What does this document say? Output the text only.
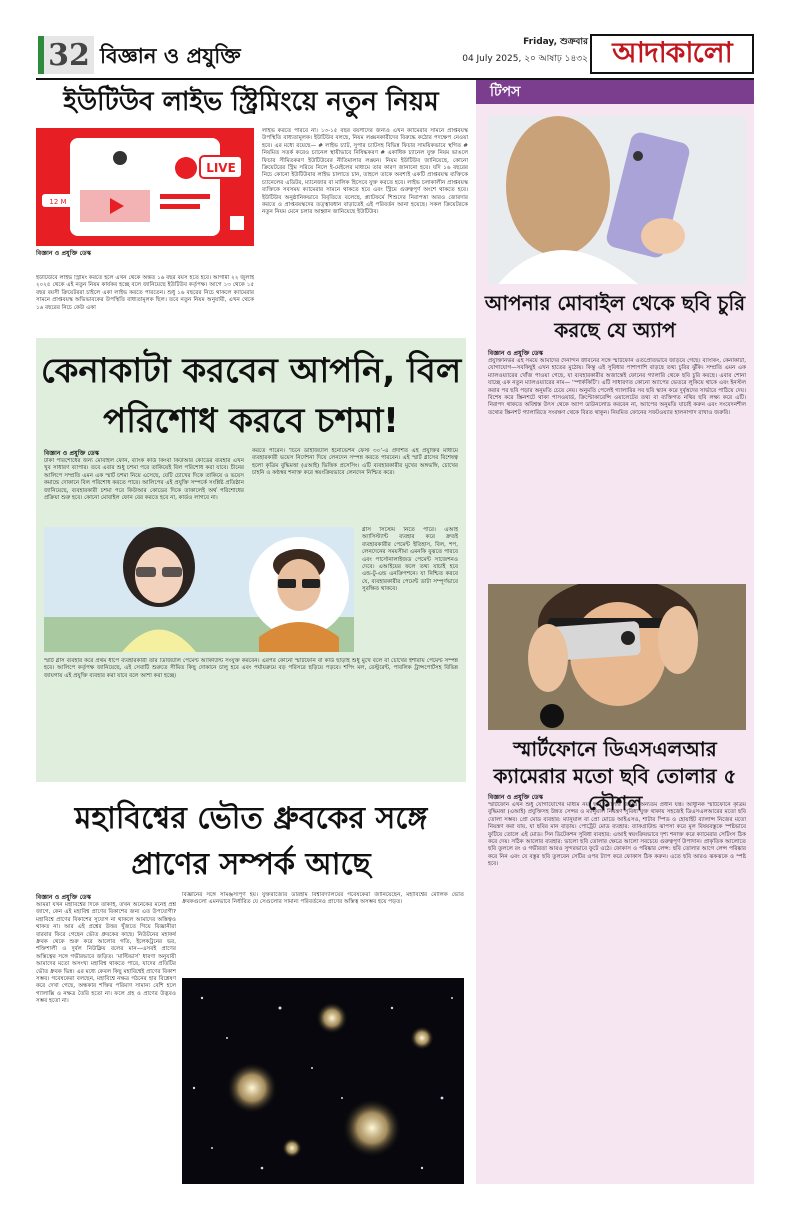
32 বিজ্ঞান ও প্রযুক্তি
Friday, শুক্রবার
04 July 2025, ২০ আষাঢ় ১৪৩২ আদাকালো
ইউটিউব লাইভ স্ট্রিমিংয়ে নতুন নিয়ম
LIVE
12 M
বিজ্ঞান ও প্রযুক্তি ডেস্ক
ইউটিউবে লাইভ স্ট্রিমিং করতে হলে এখন থেকে অন্তত ১৬ বছর বয়স হতে হবে। আগামী ২২ জুলাই ২০২৫ থেকে এই নতুন নিয়ম কার্যকর হচ্ছে বলে জানিয়েছে ইউটিউব কর্তৃপক্ষ। আগে ১৩ থেকে ১৫ বছর বয়সী ক্রিয়েটররা চাইলে একা লাইভ করতে পারতেন। শুধু ১৬ বছরের নিচে থাকলে ক্যামেরার সামনে প্রাপ্তবয়স্ক অভিভাবকের উপস্থিতি বাধ্যতামূলক ছিল। তবে নতুন নিয়ম অনুযায়ী, এখন থেকে ১৬ বছরের নিচে কেউ একা
লাইভ করতে পারবে না। ১৩-১৫ বছর বয়সীদের জন্যও এখন ক্যামেরার সামনে প্রাপ্তবয়স্ক উপস্থিতি বাধ্যতামূলক। ইউটিউব বলছে, নিয়ম লঙ্ঘনকারীদের বিরুদ্ধে কঠোর পদক্ষেপ নেওয়া হবে। এর মধ্যে রয়েছে— # লাইভ চ্যাট, সুপার চ্যাটসহ বিভিন্ন ফিচার সাময়িকভাবে স্থগিত # নিয়মিত সতর্ক করেও চ্যানেল স্থায়ীভাবে নিষিদ্ধকরণ # একাধিক চ্যানেল যুক্ত নিয়ম ভাঙলে ফিচার সীমিতকরণ ইউটিউবের নীতিমালার লঙ্ঘন। নিয়ম ইউটিউব জানিয়েছে, কোনো ক্রিয়েটরের স্ট্রিম সরিয়ে নিলে ই-মেইলের মাধ্যমে তার কারণ জানানো হবে। যদি ১৬ বছরের নিচে কোনো ইউটিউবার লাইভ চালাতে চান, তাহলে তাকে অবশ্যই একটি প্রাপ্তবয়স্ক ব্যক্তিকে চ্যানেলের এডিটর, ম্যানেজার বা মালিক হিসেবে যুক্ত করতে হবে। লাইভ চলাকালীন প্রাপ্তবয়স্ক ব্যক্তিকে সবসময় ক্যামেরার সামনে থাকতে হবে এবং স্ট্রিমে গুরুত্বপূর্ণ অংশে থাকতে হবে। ইউটিউব অনুষ্ঠানিকভাবে বিবৃতিতে বলেছে, প্ল্যাটফর্মে শিশুদের নিরাপত্তা আরও জোরদার করতে ও প্রাপ্তবয়স্কদের তত্ত্বাবধান বাড়াতেই এই পরিবর্তন আনা হয়েছে। সকল ক্রিয়েটরকে নতুন নিয়ম মেনে চলার আহ্বান জানিয়েছে ইউটিউব।
কেনাকাটা করবেন আপনি, বিল পরিশোধ করবে চশমা!
বিজ্ঞান ও প্রযুক্তি ডেস্ক
টাকা পরিশোধের জন্য মোবাইল ফোন, ব্যাংক কার্ড কিংবা কিউআর কোডের ব্যবহার এখন খুব সাধারণ ব্যাপার। তবে এবার শুধু চশমা পরে তাকিয়েই বিল পরিশোধ করা যাবে। চীনের আলিপে সম্প্রতি এমন এক স্মার্ট চশমা নিয়ে এসেছে, যেটি চোখের দিকে তাকিয়ে ও ভয়েস কমান্ডে দোকানে বিল পরিশোধ করতে পারে। আলিপের এই প্রযুক্তি সম্পর্কে সংশ্লিষ্ট প্রতিষ্ঠান জানিয়েছে, ব্যবহারকারী চশমা পরে কিউআর কোডের দিকে তাকালেই অর্থ পরিশোধের প্রক্রিয়া শুরু হবে। কোনো মোবাইল ফোন বের করতে হবে না, কার্ডও লাগবে না।
করতে পারেন। ‘চিনে ডাইজিটাল ইনোভেশন ফেস্ট ৩০’-এ প্রদর্শিত এই প্রযুক্তির মাধ্যমে ব্যবহারকারী ভয়েস নির্দেশনা দিয়ে লেনদেন সম্পন্ন করতে পারবেন। এই স্মার্ট গ্লাসের বিশেষত্ব হলো কৃত্রিম বুদ্ধিমত্তা (এআই) ভিত্তিক প্রসেসিং। এটি ব্যবহারকারীর মুখের অঙ্গভঙ্গি, চোখের চাহনি ও কণ্ঠস্বর শনাক্ত করে স্বয়ংক্রিয়ভাবে লেনদেন নিশ্চিত করে।
গ্লাস সিস্টেম নিতে পারে। এআই অ্যাসিস্ট্যান্ট ব্যবহার করে দ্রুতই ব্যবহারকারীর পেমেন্ট ইতিহাস, বিল, শপ, লেনদেনের সময়সীমা এমনকি বুঝতে পারবে এবং পার্সোনালাইজড পেমেন্ট সাজেশনও দেবে। এআইয়ের ফলে তথ্য যাচাই হবে এন্ড-টু-এন্ড এনক্রিপশনে। যা নিশ্চিত করবে যে, ব্যবহারকারীর পেমেন্ট ডাটা সম্পূর্ণভাবে সুরক্ষিত থাকবে।
স্মার্ট গ্লাস ব্যবহার করে প্রথম ধাপে ব্যবহারকারী তার ডিজিটাল পেমেন্ট অ্যাকাউন্ট সংযুক্ত করবেন। এরপর কোনো স্মার্টফোন বা কার্ড ছাড়াই শুধু মুখে বলে বা চোখের ইশারায় পেমেন্ট সম্পন্ন হবে। আলিপে কর্তৃপক্ষ জানিয়েছে, এই সেবাটি শুরুতে সীমিত কিছু দোকানে চালু হবে এবং পর্যায়ক্রমে বড় পরিসরে ছড়িয়ে পড়বে। শপিং মল, রেস্টুরেন্ট, পাবলিক ট্রান্সপোর্টসহ বিভিন্ন জায়গায় এই প্রযুক্তি ব্যবহার করা যাবে বলে আশা করা হচ্ছে।
মহাবিশ্বের ভৌত ধ্রুবকের সঙ্গে প্রাণের সম্পর্ক আছে
বিজ্ঞান ও প্রযুক্তি ডেস্ক
আমরা যখন মহাবিশ্বের দিকে তাকাই, তখন অনেকের মনেই প্রশ্ন জাগে, কেন এই মহাবিশ্ব প্রাণের বিকাশের জন্য এত উপযোগী? মহাবিশ্বে প্রাণের বিকাশের সুযোগ না থাকলে আমাদের অস্তিত্বও থাকত না। আর এই প্রশ্নের উত্তর খুঁজতে গিয়ে বিজ্ঞানীরা বারবার ফিরে গেছেন ভৌত ধ্রুবকের কাছে। নিউটনের মহাকর্ষ ধ্রুবক থেকে শুরু করে আলোর গতি, ইলেকট্রনের ভর, শক্তিশালী ও দুর্বল নিউক্লিয় বলের মান—এসবই প্রাণের অস্তিত্বের সঙ্গে গভীরভাবে জড়িত। ‘মাল্টিভার্স’ ধারণা অনুযায়ী আমাদের মতো অসংখ্য মহাবিশ্ব থাকতে পারে, যাদের প্রতিটির ভৌত ধ্রুবক ভিন্ন। এর মধ্যে কেবল কিছু মহাবিশ্বেই প্রাণের বিকাশ সম্ভব। গবেষকেরা বলছেন, মহাবিশ্বে নক্ষত্র গঠনের হার বিশ্লেষণ করে দেখা গেছে, অন্ধকার শক্তির পরিমাণ সামান্য বেশি হলে গ্যালাক্সি ও নক্ষত্র তৈরি হতো না। ফলে গ্রহ ও প্রাণের উদ্ভবও সম্ভব হতো না।
বিজ্ঞানের সঙ্গে সামঞ্জস্যপূর্ণ হয়। যুক্তরাজ্যের ডারহাম বিশ্ববিদ্যালয়ের গবেষকেরা জানিয়েছেন, মহাবিশ্বের মৌলিক ভৌত ধ্রুবকগুলো এমনভাবে নির্ধারিত যে সেগুলোর সামান্য পরিবর্তনেও প্রাণের অস্তিত্ব অসম্ভব হয়ে পড়ত।
টিপস
আপনার মোবাইল থেকে ছবি চুরি করছে যে অ্যাপ
বিজ্ঞান ও প্রযুক্তি ডেস্ক
প্রযুক্তিনির্ভর এই সময়ে আমাদের দৈনন্দিন জীবনের সঙ্গে স্মার্টফোন ওতপ্রোতভাবে জড়িয়ে গেছে। ব্যাংকিং, কেনাকাটা, যোগাযোগ—সবকিছুই এখন হাতের মুঠোয়। কিন্তু এই সুবিধার পাশাপাশি বাড়ছে তথ্য চুরির ঝুঁকি। সম্প্রতি এমন এক ম্যালওয়্যারের খোঁজ পাওয়া গেছে, যা ব্যবহারকারীর অজান্তেই ফোনের গ্যালারি থেকে ছবি চুরি করছে। এবার শোনা যাচ্ছে এক নতুন ম্যালওয়্যারের নাম— ‘স্পার্ককিটি’। এটি সাধারণত কোনো অ্যাপের ভেতরে লুকিয়ে থাকে এবং ইনস্টল করার পর ছবি পড়ার অনুমতি চেয়ে নেয়। অনুমতি পেলেই গ্যালারির সব ছবি স্ক্যান করে দুর্বৃত্তদের সার্ভারে পাঠিয়ে দেয়। বিশেষ করে স্ক্রিনশটে থাকা পাসওয়ার্ড, ক্রিপ্টোকারেন্সি ওয়ালেটের তথ্য বা ব্যক্তিগত নথির ছবি লক্ষ্য করে এটি। নিরাপদ থাকতে অবিশ্বস্ত উৎস থেকে অ্যাপ ডাউনলোড করবেন না, অ্যাপের অনুমতি যাচাই করুন এবং সংবেদনশীল তথ্যের স্ক্রিনশট গ্যালারিতে সংরক্ষণ থেকে বিরত থাকুন। নিয়মিত ফোনের সফটওয়্যার হালনাগাদ রাখাও জরুরি।
স্মার্টফোনে ডিএসএলআর ক্যামেরার মতো ছবি তোলার ৫ কৌশল
বিজ্ঞান ও প্রযুক্তি ডেস্ক
স্মার্টফোন এখন শুধু যোগাযোগের মাধ্যম নয়, ছবি তোলার জন্যও অন্যতম প্রধান যন্ত্র। আধুনিক স্মার্টফোনে কৃত্রিম বুদ্ধিমত্তা (এআই) প্রযুক্তিসহ উন্নত সেন্সর ও ম্যানুয়াল নিয়ন্ত্রণ সুবিধা যুক্ত থাকায় সহজেই ডিএসএলআরের মতো ছবি তোলা সম্ভব। প্রো মোড ব্যবহার: ম্যানুয়াল বা প্রো মোডে আইএসও, শাটার স্পিড ও হোয়াইট ব্যালান্স নিজের মতো নিয়ন্ত্রণ করা যায়, যা ছবির মান বাড়ায়। পোর্ট্রেট মোড ব্যবহার: ব্যাকগ্রাউন্ড ঝাপসা করে মূল বিষয়বস্তুকে স্পষ্টভাবে ফুটিয়ে তোলে এই মোড। সিন ডিটেকশন সুবিধা ব্যবহার: এআই স্বয়ংক্রিয়ভাবে দৃশ্য শনাক্ত করে ক্যামেরার সেটিংস ঠিক করে দেয়। সঠিক আলোর ব্যবহার: ভালো ছবি তোলার ক্ষেত্রে আলো সবচেয়ে গুরুত্বপূর্ণ উপাদান। প্রাকৃতিক আলোতে ছবি তুললে রং ও গভীরতা আরও সুন্দরভাবে ফুটে ওঠে। ফোকাস ও পরিষ্কার লেন্স: ছবি তোলার আগে লেন্স পরিষ্কার করে নিন এবং যে বস্তুর ছবি তুলবেন সেটির ওপর ট্যাপ করে ফোকাস ঠিক করুন। এতে ছবি আরও ঝকঝকে ও স্পষ্ট হবে।
